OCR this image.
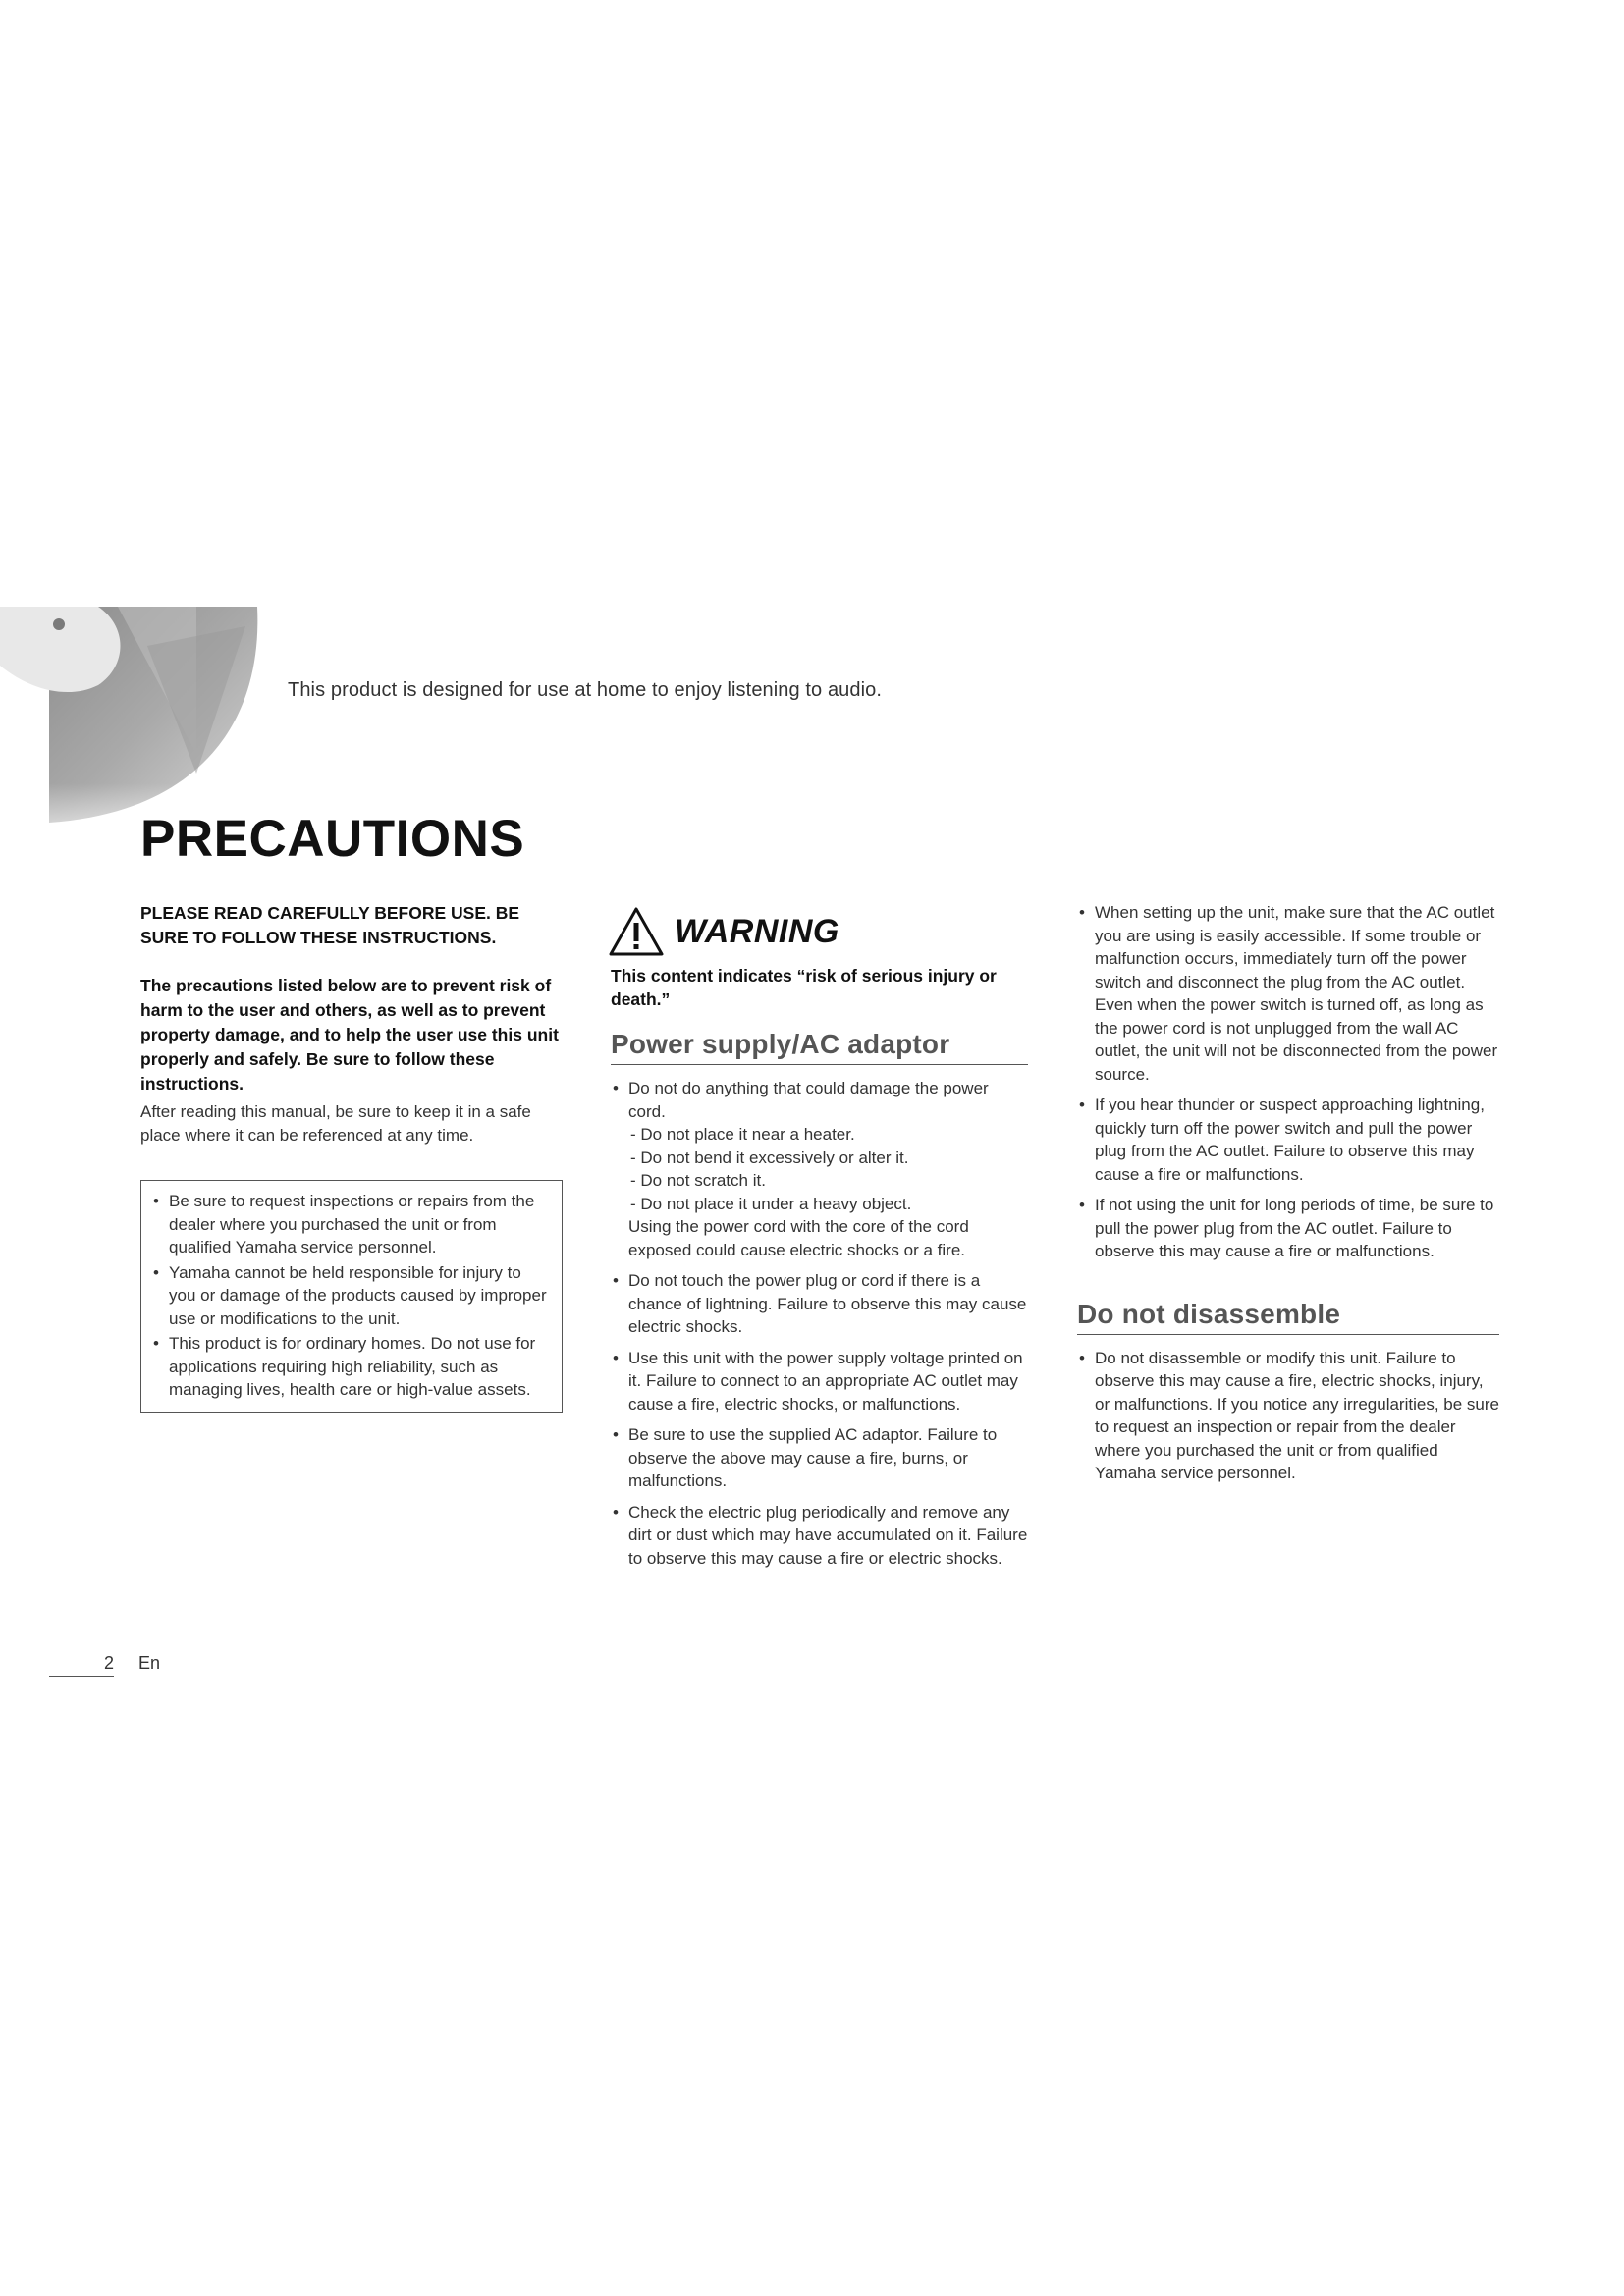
This product is designed for use at home to enjoy listening to audio.
PRECAUTIONS

PLEASE READ CAREFULLY BEFORE USE. BE SURE TO FOLLOW THESE INSTRUCTIONS.

The precautions listed below are to prevent risk of harm to the user and others, as well as to prevent property damage, and to help the user use this unit properly and safely. Be sure to follow these instructions.

After reading this manual, be sure to keep it in a safe place where it can be referenced at any time.

• Be sure to request inspections or repairs from the dealer where you purchased the unit or from qualified Yamaha service personnel.
• Yamaha cannot be held responsible for injury to you or damage of the products caused by improper use or modifications to the unit.
• This product is for ordinary homes. Do not use for applications requiring high reliability, such as managing lives, health care or high-value assets.
WARNING

This content indicates “risk of serious injury or death.”

Power supply/AC adaptor
• Do not do anything that could damage the power cord.
- Do not place it near a heater.
- Do not bend it excessively or alter it.
- Do not scratch it.
- Do not place it under a heavy object.
Using the power cord with the core of the cord exposed could cause electric shocks or a fire.
• Do not touch the power plug or cord if there is a chance of lightning. Failure to observe this may cause electric shocks.
• Use this unit with the power supply voltage printed on it. Failure to connect to an appropriate AC outlet may cause a fire, electric shocks, or malfunctions.
• Be sure to use the supplied AC adaptor. Failure to observe the above may cause a fire, burns, or malfunctions.
• Check the electric plug periodically and remove any dirt or dust which may have accumulated on it. Failure to observe this may cause a fire or electric shocks.
• When setting up the unit, make sure that the AC outlet you are using is easily accessible. If some trouble or malfunction occurs, immediately turn off the power switch and disconnect the plug from the AC outlet. Even when the power switch is turned off, as long as the power cord is not unplugged from the wall AC outlet, the unit will not be disconnected from the power source.
• If you hear thunder or suspect approaching lightning, quickly turn off the power switch and pull the power plug from the AC outlet. Failure to observe this may cause a fire or malfunctions.
• If not using the unit for long periods of time, be sure to pull the power plug from the AC outlet. Failure to observe this may cause a fire or malfunctions.
Do not disassemble
• Do not disassemble or modify this unit. Failure to observe this may cause a fire, electric shocks, injury, or malfunctions. If you notice any irregularities, be sure to request an inspection or repair from the dealer where you purchased the unit or from qualified Yamaha service personnel.
2 En
